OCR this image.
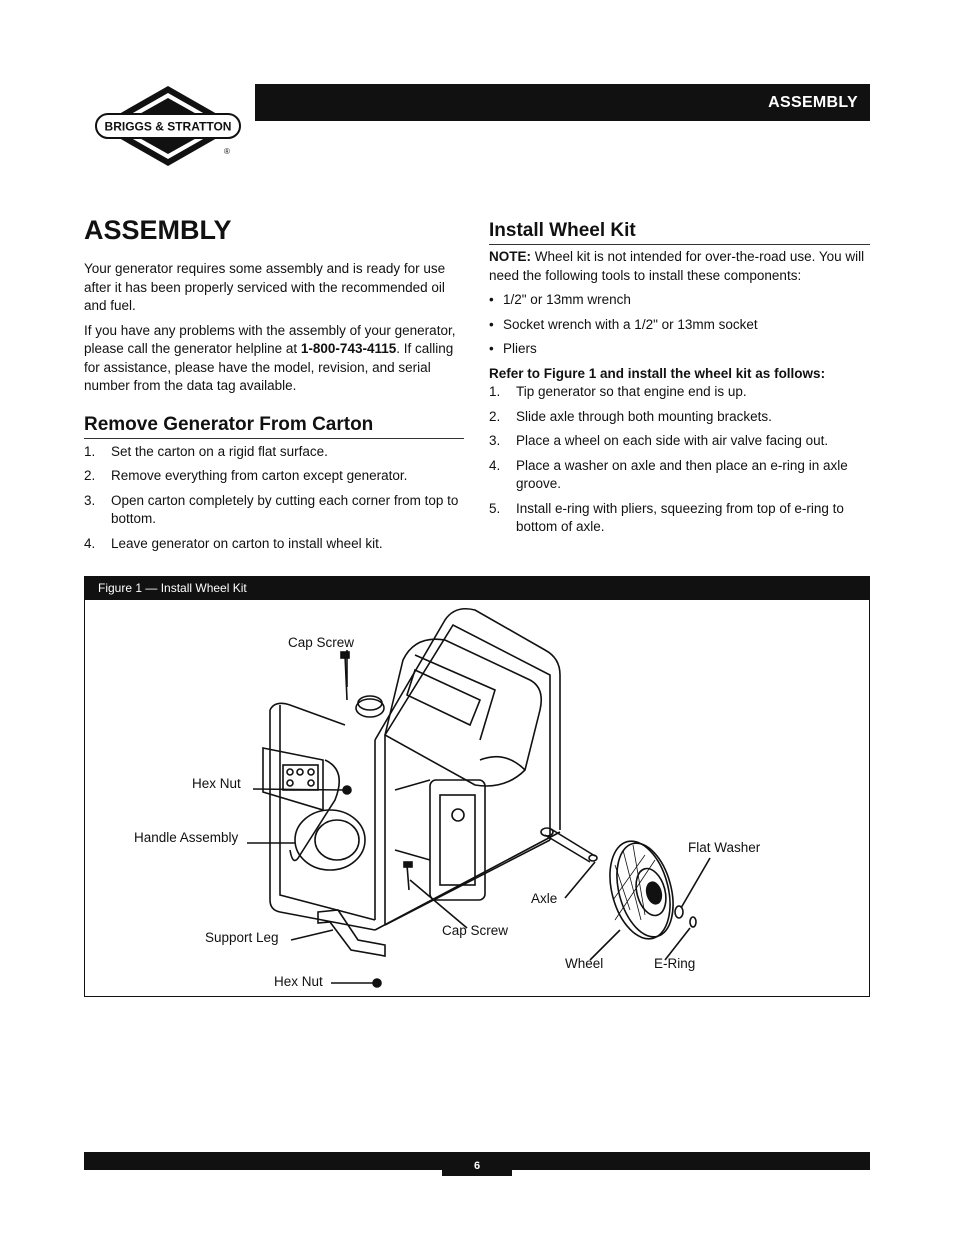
BRIGGS & STRATTON
®
ASSEMBLY
ASSEMBLY

Your generator requires some assembly and is ready for use after it has been properly serviced with the recommended oil and fuel.

If you have any problems with the assembly of your generator, please call the generator helpline at 1-800-743-4115. If calling for assistance, please have the model, revision, and serial number from the data tag available.

Remove Generator From Carton
1.	Set the carton on a rigid flat surface.
2.	Remove everything from carton except generator.
3.	Open carton completely by cutting each corner from top to bottom.
4.	Leave generator on carton to install wheel kit.
Install Wheel Kit

NOTE: Wheel kit is not intended for over-the-road use. You will need the following tools to install these components:

• 1/2" or 13mm wrench
• Socket wrench with a 1/2" or 13mm socket
• Pliers

Refer to Figure 1 and install the wheel kit as follows:

1.	Tip generator so that engine end is up.
2.	Slide axle through both mounting brackets.
3.	Place a wheel on each side with air valve facing out.
4.	Place a washer on axle and then place an e-ring in axle groove.
5.	Install e-ring with pliers, squeezing from top of e-ring to bottom of axle.
Figure 1 — Install Wheel Kit
Cap Screw
Hex Nut
Handle Assembly
Support Leg
Hex Nut
Cap Screw
Axle
Wheel	E-Ring
Flat Washer
6
